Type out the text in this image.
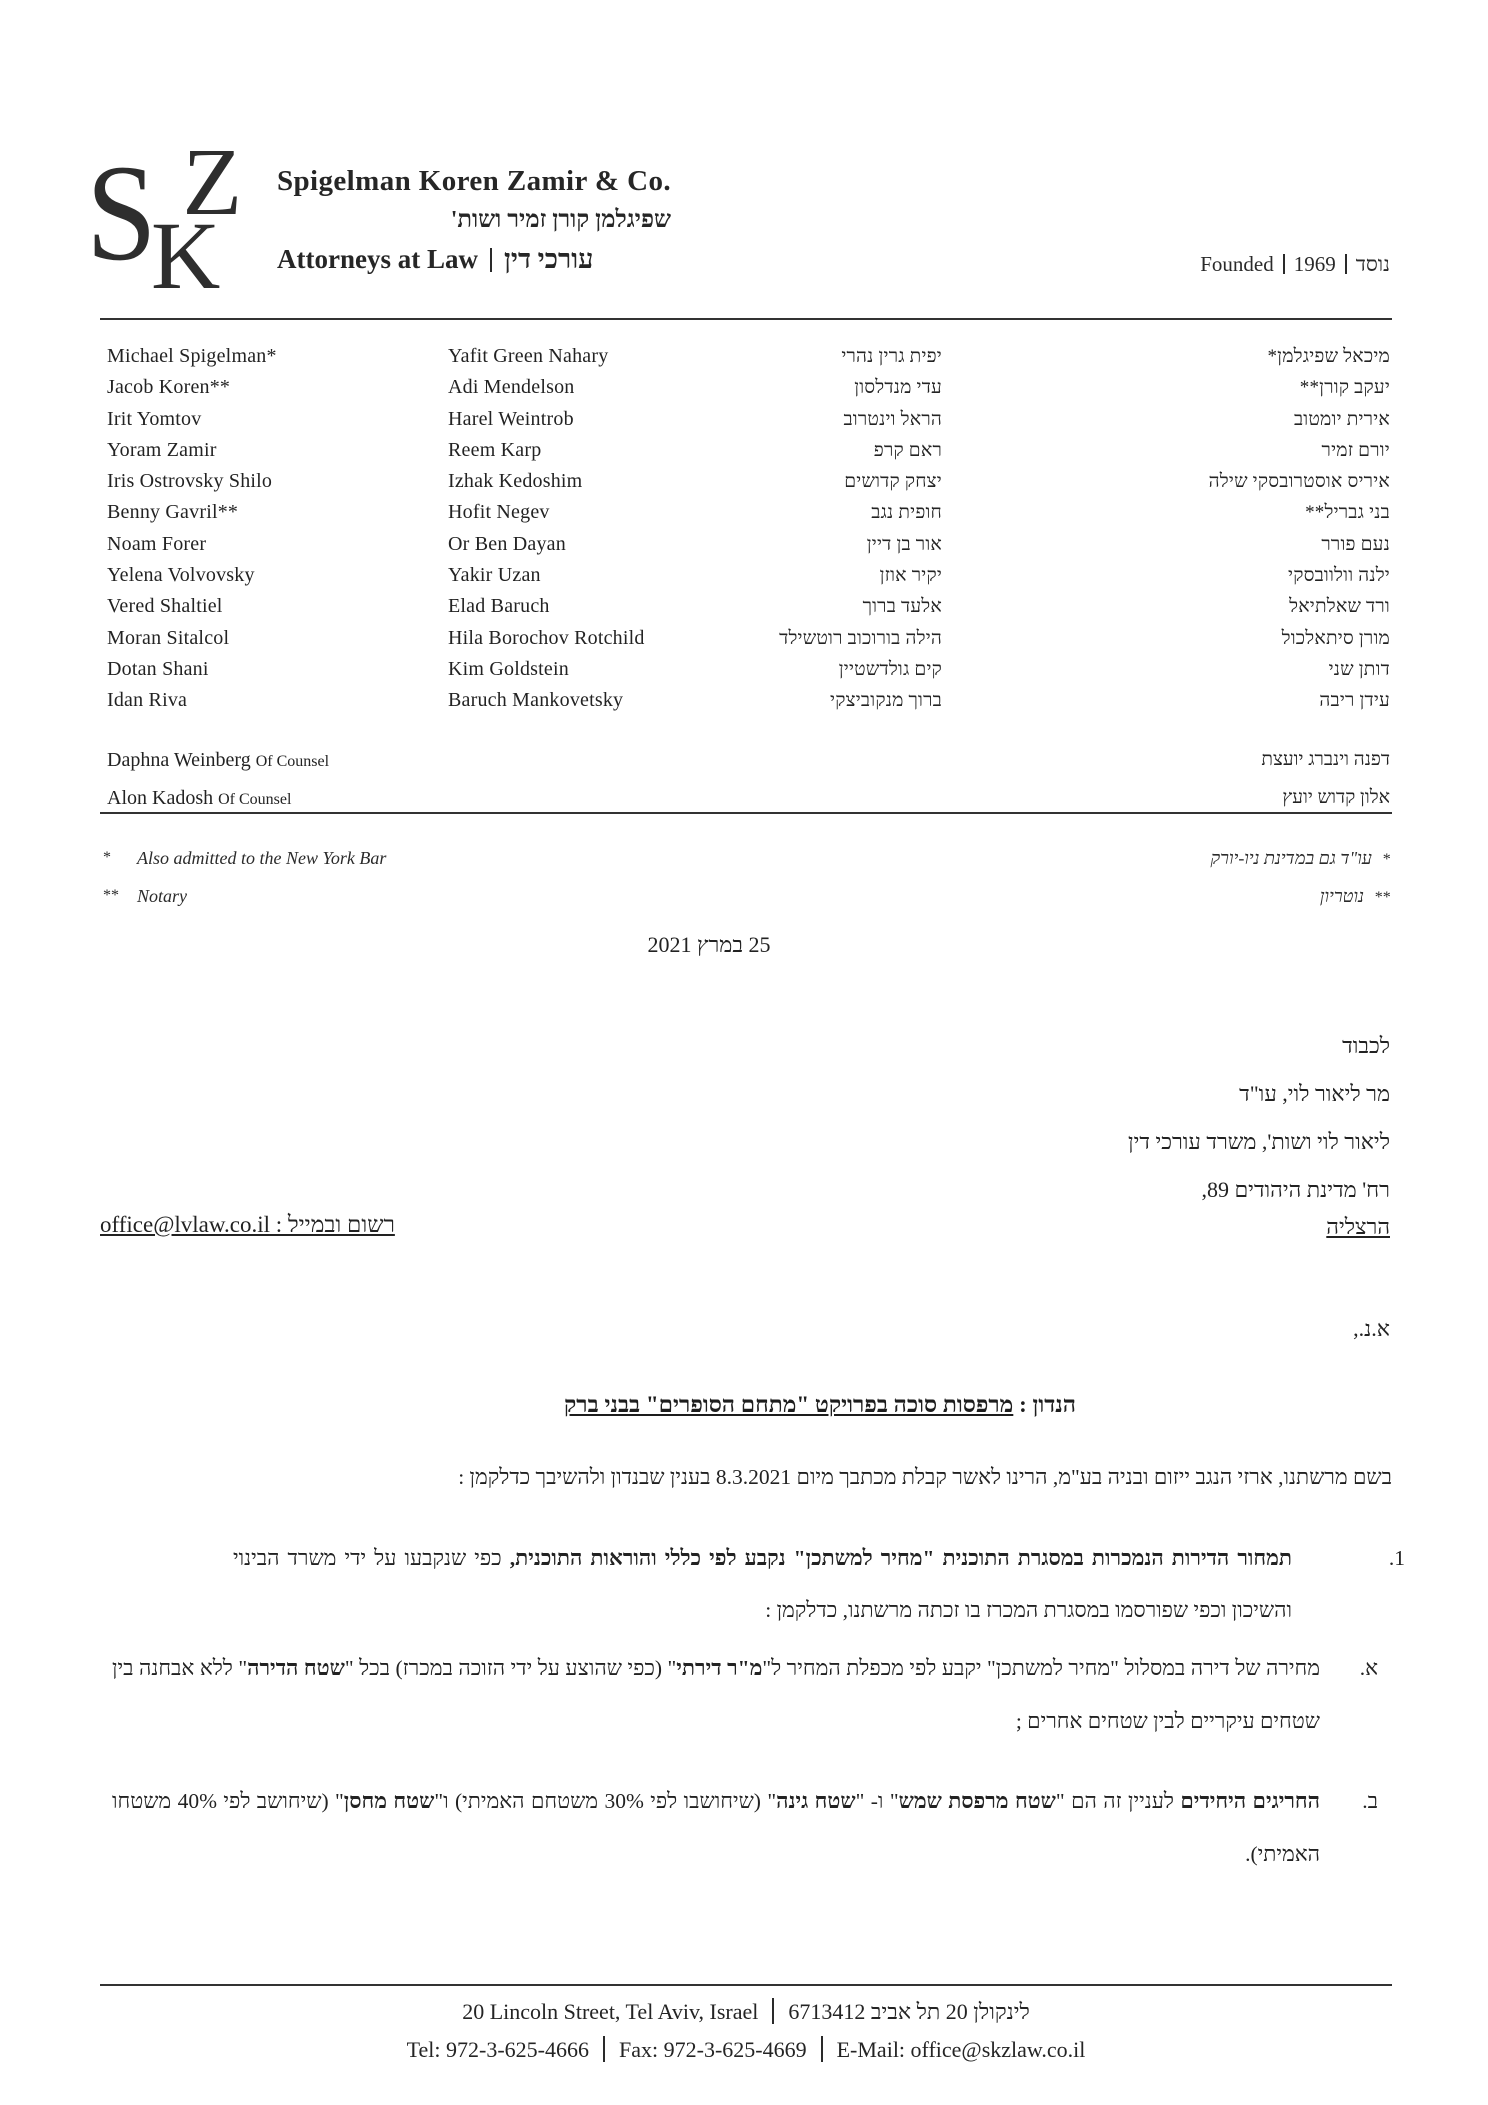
S Z
K
Spigelman Koren Zamir & Co.
שפיגלמן קורן זמיר ושות'
Attorneys at Law עורכי דין	Founded 1969 נוסד
Michael Spigelman*	Yafit Green Nahary	יפית גרין נהרי	מיכאל שפיגלמן*
Jacob Koren**	Adi Mendelson	עדי מנדלסון	יעקב קורן**
Irit Yomtov	Harel Weintrob	הראל וינטרוב	אירית יומטוב
Yoram Zamir	Reem Karp	ראם קרפ	יורם זמיר
Iris Ostrovsky Shilo	Izhak Kedoshim	יצחק קדושים	איריס אוסטרובסקי שילה
Benny Gavril**	Hofit Negev	חופית נגב	בני גבריל**
Noam Forer	Or Ben Dayan	אור בן דיין	נעם פורר
Yelena Volvovsky	Yakir Uzan	יקיר אוזן	ילנה וולוובסקי
Vered Shaltiel	Elad Baruch	אלעד ברוך	ורד שאלתיאל
Moran Sitalcol	Hila Borochov Rotchild	הילה בורוכוב רוטשילד	מורן סיתאלכול
Dotan Shani	Kim Goldstein	קים גולדשטיין	דותן שני
Idan Riva	Baruch Mankovetsky	ברוך מנקוביצקי	עידן ריבה
Daphna Weinberg Of Counsel	דפנה וינברג יועצת
Alon Kadosh Of Counsel	אלון קדוש יועץ
*	Also admitted to the New York Bar	*עו"ד גם במדינת ניו-יורק
**	Notary	**נוטריון
25 במרץ 2021
לכבוד
מר ליאור לוי, עו"ד
ליאור לוי ושות', משרד עורכי דין
רח' מדינת היהודים 89,
הרצליה
רשום ובמייל : office@lvlaw.co.il
א.נ.,
הנדון : מרפסות סוכה בפרויקט "מתחם הסופרים" בבני ברק
בשם מרשתנו, ארזי הנגב ייזום ובניה בע"מ, הרינו לאשר קבלת מכתבך מיום 8.3.2021 בענין שבנדון ולהשיבך כדלקמן :
1.
תמחור הדירות הנמכרות במסגרת התוכנית "מחיר למשתכן" נקבע לפי כללי והוראות התוכנית, כפי שנקבעו על ידי משרד הבינוי והשיכון וכפי שפורסמו במסגרת המכרז בו זכתה מרשתנו, כדלקמן :
א.
מחירה של דירה במסלול "מחיר למשתכן" יקבע לפי מכפלת המחיר ל"מ"ר דירתי" (כפי שהוצע על ידי הזוכה במכרז) בכל "שטח הדירה" ללא אבחנה בין שטחים עיקריים לבין שטחים אחרים ;
ב.
החריגים היחידים לעניין זה הם "שטח מרפסת שמש" ו- "שטח גינה" (שיחושבו לפי 30% משטחם האמיתי) ו"שטח מחסן" (שיחושב לפי 40% משטחו האמיתי).
20 Lincoln Street, Tel Aviv, Israel לינקולן 20 תל אביב 6713412
Tel: 972-3-625-4666 Fax: 972-3-625-4669 E-Mail: office@skzlaw.co.il
